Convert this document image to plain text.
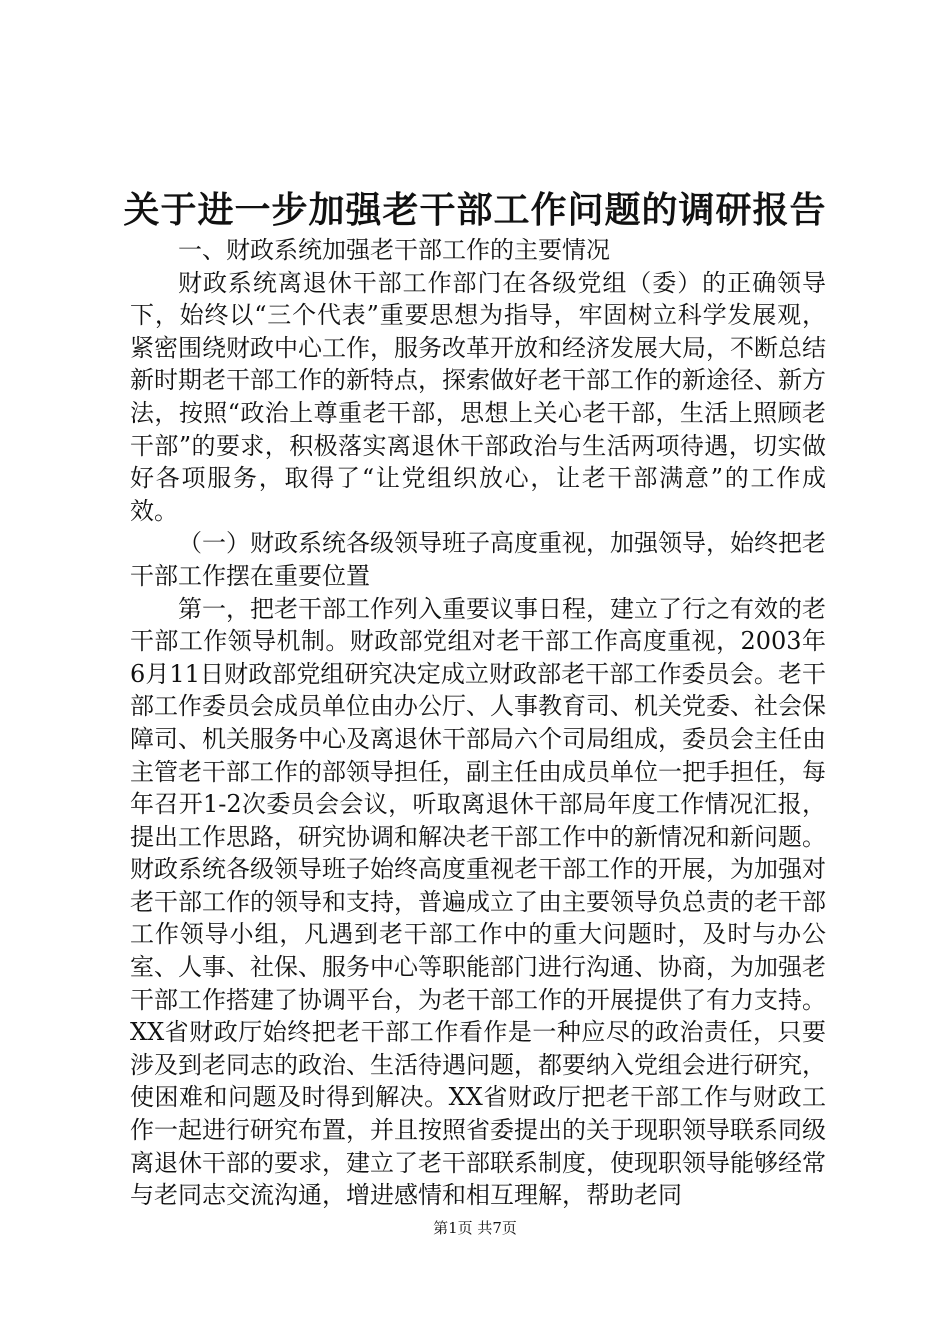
关于进一步加强老干部工作问题的调研报告

一、财政系统加强老干部工作的主要情况

财政系统离退休干部工作部门在各级党组（委）的正确领导下，始终以“三个代表”重要思想为指导，牢固树立科学发展观，紧密围绕财政中心工作，服务改革开放和经济发展大局，不断总结新时期老干部工作的新特点，探索做好老干部工作的新途径、新方法，按照“政治上尊重老干部，思想上关心老干部，生活上照顾老干部”的要求，积极落实离退休干部政治与生活两项待遇，切实做好各项服务，取得了“让党组织放心，让老干部满意”的工作成效。

（一）财政系统各级领导班子高度重视，加强领导，始终把老干部工作摆在重要位置

第一，把老干部工作列入重要议事日程，建立了行之有效的老干部工作领导机制。财政部党组对老干部工作高度重视，2003年6月11日财政部党组研究决定成立财政部老干部工作委员会。老干部工作委员会成员单位由办公厅、人事教育司、机关党委、社会保障司、机关服务中心及离退休干部局六个司局组成，委员会主任由主管老干部工作的部领导担任，副主任由成员单位一把手担任，每年召开1-2次委员会会议，听取离退休干部局年度工作情况汇报，提出工作思路，研究协调和解决老干部工作中的新情况和新问题。财政系统各级领导班子始终高度重视老干部工作的开展，为加强对老干部工作的领导和支持，普遍成立了由主要领导负总责的老干部工作领导小组，凡遇到老干部工作中的重大问题时，及时与办公室、人事、社保、服务中心等职能部门进行沟通、协商，为加强老干部工作搭建了协调平台，为老干部工作的开展提供了有力支持。XX省财政厅始终把老干部工作看作是一种应尽的政治责任，只要涉及到老同志的政治、生活待遇问题，都要纳入党组会进行研究，使困难和问题及时得到解决。XX省财政厅把老干部工作与财政工作一起进行研究布置，并且按照省委提出的关于现职领导联系同级离退休干部的要求，建立了老干部联系制度，使现职领导能够经常与老同志交流沟通，增进感情和相互理解，帮助老同

第1页 共7页
